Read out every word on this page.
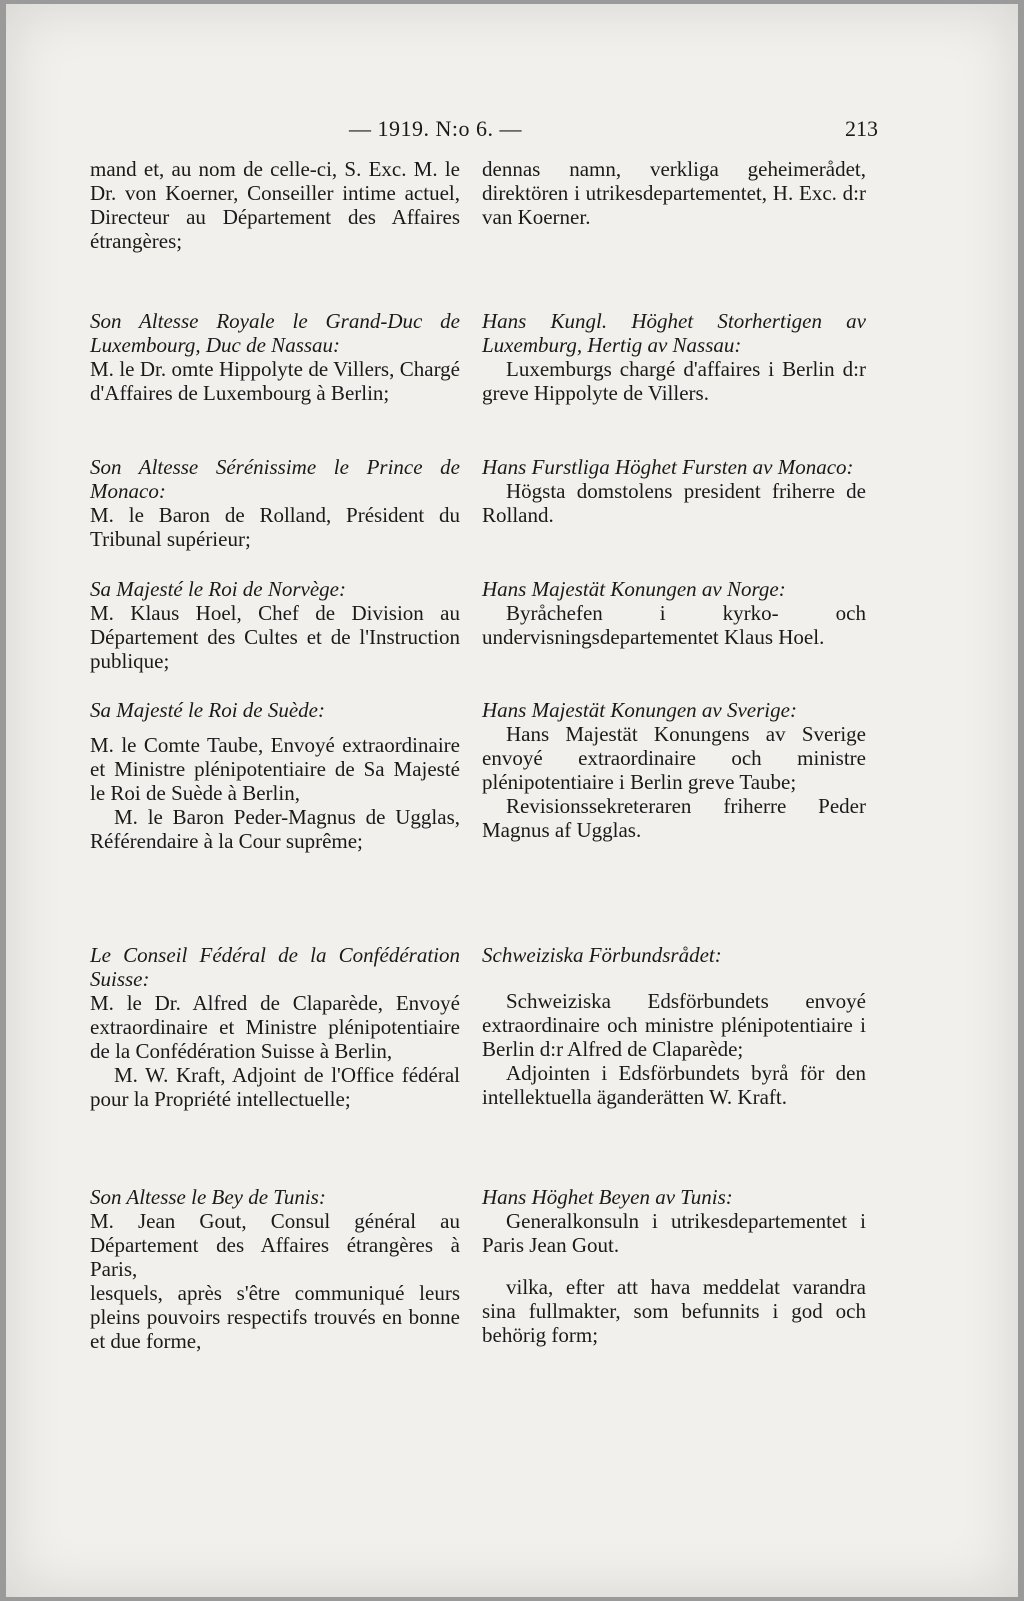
— 1919. N:o 6. —	213

mand et, au nom de celle-ci, S. Exc. M. le Dr. von Koerner, Conseiller intime actuel, Directeur au Département des Affaires étrangères;

Son Altesse Royale le Grand-Duc de Luxembourg, Duc de Nassau:

M. le Dr. omte Hippolyte de Villers, Chargé d'Affaires de Luxembourg à Berlin;

Son Altesse Sérénissime le Prince de Monaco:

M. le Baron de Rolland, Président du Tribunal supérieur;

Sa Majesté le Roi de Norvège:

M. Klaus Hoel, Chef de Division au Département des Cultes et de l'Instruction publique;

Sa Majesté le Roi de Suède:

M. le Comte Taube, Envoyé extraordinaire et Ministre plénipotentiaire de Sa Majesté le Roi de Suède à Berlin,

M. le Baron Peder-Magnus de Ugglas, Référendaire à la Cour suprême;

Le Conseil Fédéral de la Confédération Suisse:

M. le Dr. Alfred de Claparède, Envoyé extraordinaire et Ministre plénipotentiaire de la Confédération Suisse à Berlin,

M. W. Kraft, Adjoint de l'Office fédéral pour la Propriété intellectuelle;

Son Altesse le Bey de Tunis:

M. Jean Gout, Consul général au Département des Affaires étrangères à Paris,

lesquels, après s'être communiqué leurs pleins pouvoirs respectifs trouvés en bonne et due forme,

dennas namn, verkliga geheimerådet, direktören i utrikesdepartementet, H. Exc. d:r van Koerner.

Hans Kungl. Höghet Storhertigen av Luxemburg, Hertig av Nassau:

Luxemburgs chargé d'affaires i Berlin d:r greve Hippolyte de Villers.

Hans Furstliga Höghet Fursten av Monaco:

Högsta domstolens president friherre de Rolland.

Hans Majestät Konungen av Norge:

Byråchefen i kyrko- och undervisningsdepartementet Klaus Hoel.

Hans Majestät Konungen av Sverige:

Hans Majestät Konungens av Sverige envoyé extraordinaire och ministre plénipotentiaire i Berlin greve Taube;

Revisionssekreteraren friherre Peder Magnus af Ugglas.

Schweiziska Förbundsrådet:

Schweiziska Edsförbundets envoyé extraordinaire och ministre plénipotentiaire i Berlin d:r Alfred de Claparède;

Adjointen i Edsförbundets byrå för den intellektuella äganderätten W. Kraft.

Hans Höghet Beyen av Tunis:

Generalkonsuln i utrikesdepartementet i Paris Jean Gout.

vilka, efter att hava meddelat varandra sina fullmakter, som befunnits i god och behörig form;
